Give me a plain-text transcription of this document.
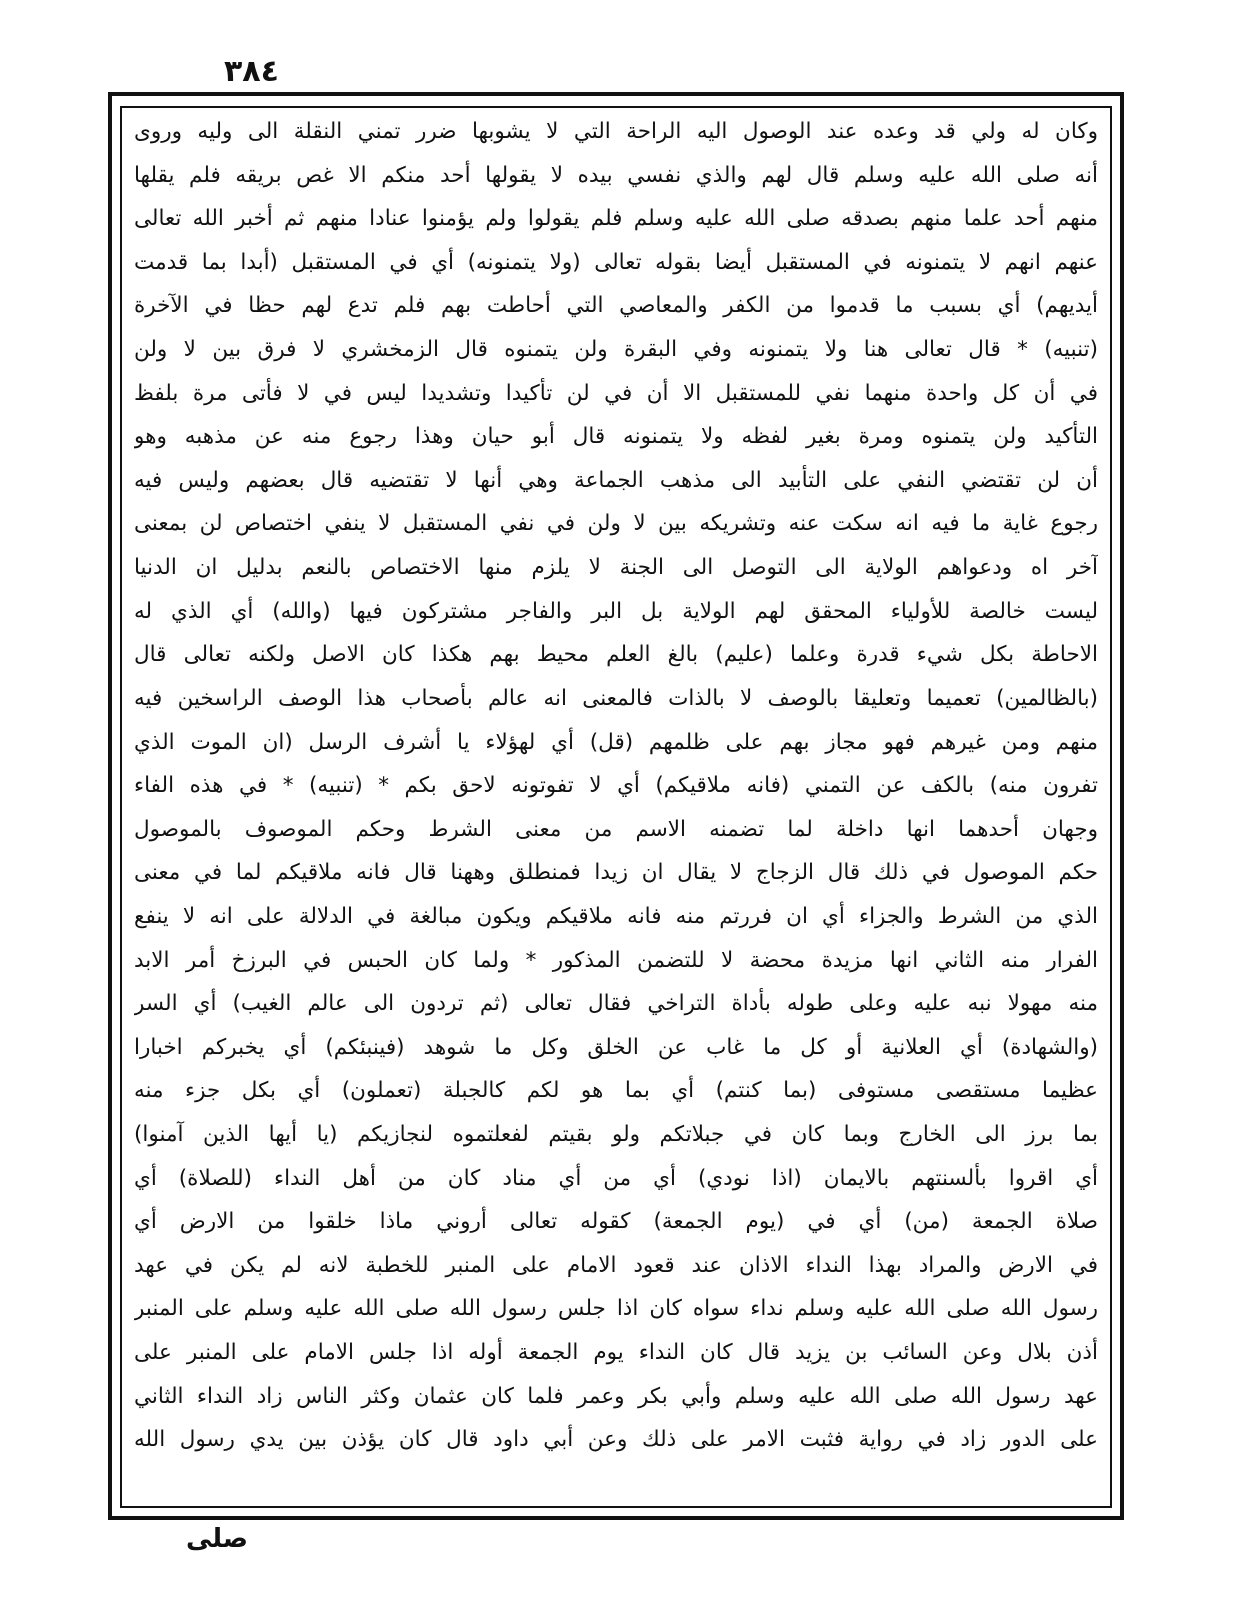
٣٨٤
وكان له ولي قد وعده عند الوصول اليه الراحة التي لا يشوبها ضرر تمني النقلة الى وليه وروى
أنه صلى الله عليه وسلم قال لهم والذي نفسي بيده لا يقولها أحد منكم الا غص بريقه فلم يقلها
منهم أحد علما منهم بصدقه صلى الله عليه وسلم فلم يقولوا ولم يؤمنوا عنادا منهم ثم أخبر الله تعالى
عنهم انهم لا يتمنونه في المستقبل أيضا بقوله تعالى (ولا يتمنونه) أي في المستقبل (أبدا بما قدمت
أيديهم) أي بسبب ما قدموا من الكفر والمعاصي التي أحاطت بهم فلم تدع لهم حظا في الآخرة
(تنبيه) * قال تعالى هنا ولا يتمنونه وفي البقرة ولن يتمنوه قال الزمخشري لا فرق بين لا ولن
في أن كل واحدة منهما نفي للمستقبل الا أن في لن تأكيدا وتشديدا ليس في لا فأتى مرة بلفظ
التأكيد ولن يتمنوه ومرة بغير لفظه ولا يتمنونه قال أبو حيان وهذا رجوع منه عن مذهبه وهو
أن لن تقتضي النفي على التأبيد الى مذهب الجماعة وهي أنها لا تقتضيه قال بعضهم وليس فيه
رجوع غاية ما فيه انه سكت عنه وتشريكه بين لا ولن في نفي المستقبل لا ينفي اختصاص لن بمعنى
آخر اه ودعواهم الولاية الى التوصل الى الجنة لا يلزم منها الاختصاص بالنعم بدليل ان الدنيا
ليست خالصة للأولياء المحقق لهم الولاية بل البر والفاجر مشتركون فيها (والله) أي الذي له
الاحاطة بكل شيء قدرة وعلما (عليم) بالغ العلم محيط بهم هكذا كان الاصل ولكنه تعالى قال
(بالظالمين) تعميما وتعليقا بالوصف لا بالذات فالمعنى انه عالم بأصحاب هذا الوصف الراسخين فيه
منهم ومن غيرهم فهو مجاز بهم على ظلمهم (قل) أي لهؤلاء يا أشرف الرسل (ان الموت الذي
تفرون منه) بالكف عن التمني (فانه ملاقيكم) أي لا تفوتونه لاحق بكم * (تنبيه) * في هذه الفاء
وجهان أحدهما انها داخلة لما تضمنه الاسم من معنى الشرط وحكم الموصوف بالموصول
حكم الموصول في ذلك قال الزجاج لا يقال ان زيدا فمنطلق وههنا قال فانه ملاقيكم لما في معنى
الذي من الشرط والجزاء أي ان فررتم منه فانه ملاقيكم ويكون مبالغة في الدلالة على انه لا ينفع
الفرار منه الثاني انها مزيدة محضة لا للتضمن المذكور * ولما كان الحبس في البرزخ أمر الابد
منه مهولا نبه عليه وعلى طوله بأداة التراخي فقال تعالى (ثم تردون الى عالم الغيب) أي السر
(والشهادة) أي العلانية أو كل ما غاب عن الخلق وكل ما شوهد (فينبئكم) أي يخبركم اخبارا
عظيما مستقصى مستوفى (بما كنتم) أي بما هو لكم كالجبلة (تعملون) أي بكل جزء منه
بما برز الى الخارج وبما كان في جبلاتكم ولو بقيتم لفعلتموه لنجازيكم (يا أيها الذين آمنوا)
أي اقروا بألسنتهم بالايمان (اذا نودي) أي من أي مناد كان من أهل النداء (للصلاة) أي
صلاة الجمعة (من) أي في (يوم الجمعة) كقوله تعالى أروني ماذا خلقوا من الارض أي
في الارض والمراد بهذا النداء الاذان عند قعود الامام على المنبر للخطبة لانه لم يكن في عهد
رسول الله صلى الله عليه وسلم نداء سواه كان اذا جلس رسول الله صلى الله عليه وسلم على المنبر
أذن بلال وعن السائب بن يزيد قال كان النداء يوم الجمعة أوله اذا جلس الامام على المنبر على
عهد رسول الله صلى الله عليه وسلم وأبي بكر وعمر فلما كان عثمان وكثر الناس زاد النداء الثاني
على الدور زاد في رواية فثبت الامر على ذلك وعن أبي داود قال كان يؤذن بين يدي رسول الله
صلى
